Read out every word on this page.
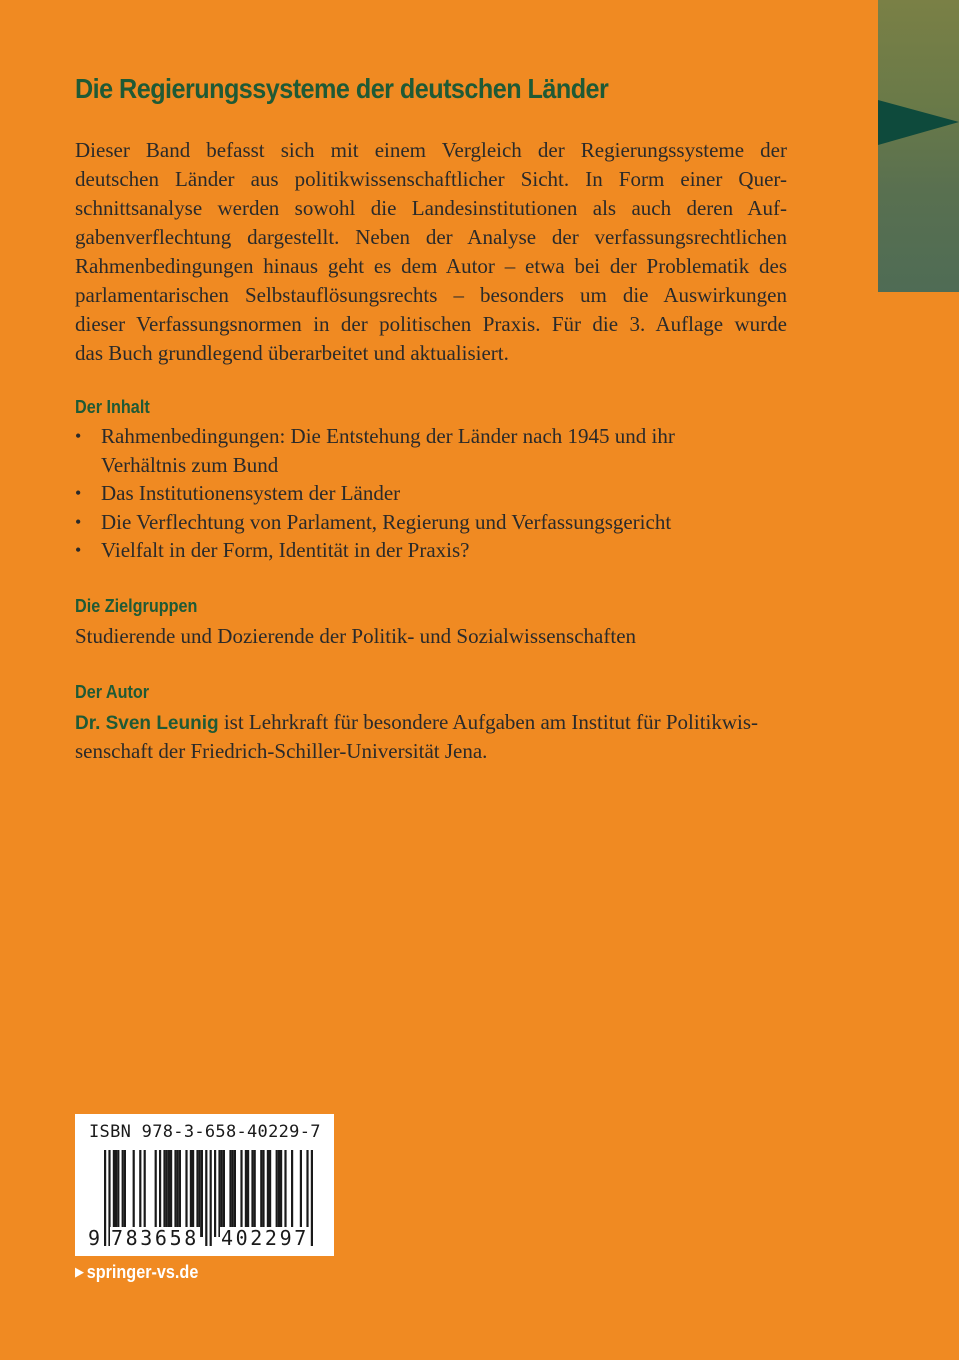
Die Regierungssysteme der deutschen Länder
Dieser Band befasst sich mit einem Vergleich der Regierungssysteme der
deutschen Länder aus politikwissenschaftlicher Sicht. In Form einer Quer-
schnittsanalyse werden sowohl die Landesinstitutionen als auch deren Auf-
gabenverflechtung dargestellt. Neben der Analyse der verfassungsrechtlichen
Rahmenbedingungen hinaus geht es dem Autor – etwa bei der Problematik des
parlamentarischen Selbstauflösungsrechts – besonders um die Auswirkungen
dieser Verfassungsnormen in der politischen Praxis. Für die 3. Auflage wurde
das Buch grundlegend überarbeitet und aktualisiert.
Der Inhalt
• Rahmenbedingungen: Die Entstehung der Länder nach 1945 und ihr
Verhältnis zum Bund
• Das Institutionensystem der Länder
• Die Verflechtung von Parlament, Regierung und Verfassungsgericht
• Vielfalt in der Form, Identität in der Praxis?
Die Zielgruppen

Studierende und Dozierende der Politik- und Sozialwissenschaften

Der Autor

Dr. Sven Leunig ist Lehrkraft für besondere Aufgaben am Institut für Politikwis-

senschaft der Friedrich-Schiller-Universität Jena.

ISBN 978-3-658-40229-7
9 783658 402297
▶ springer-vs.de
